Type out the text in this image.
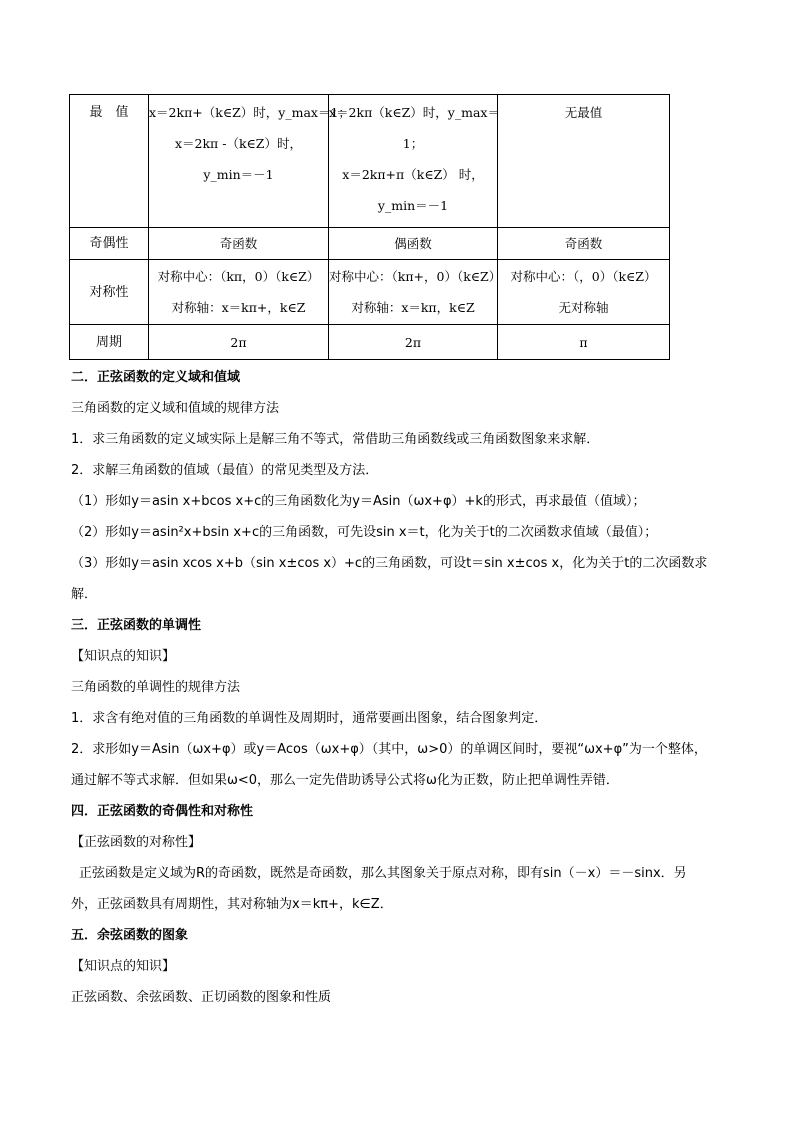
最　值	x＝2kπ+（k∈Z）时，y_max＝1；
x＝2kπ -（k∈Z）时，
y_min＝－1	x＝2kπ（k∈Z）时，y_max＝
1；
x＝2kπ+π（k∈Z） 时，
y_min＝－1	无最值

奇偶性	奇函数	偶函数	奇函数

对称性	对称中心：（kπ，0）（k∈Z）
对称轴：x＝kπ+，k∈Z	对称中心：（kπ+，0）（k∈Z）
对称轴：x＝kπ，k∈Z	对称中心：（，0）（k∈Z）
无对称轴

周期	2π	2π	π

二．正弦函数的定义域和值域

三角函数的定义域和值域的规律方法

1．求三角函数的定义域实际上是解三角不等式，常借助三角函数线或三角函数图象来求解．

2．求解三角函数的值域（最值）的常见类型及方法．

（1）形如y＝asin x+bcos x+c的三角函数化为y＝Asin（ωx+φ）+k的形式，再求最值（值域）；

（2）形如y＝asin²x+bsin x+c的三角函数，可先设sin x＝t，化为关于t的二次函数求值域（最值）；

（3）形如y＝asin xcos x+b（sin x±cos x）+c的三角函数，可设t＝sin x±cos x，化为关于t的二次函数求

解．

三．正弦函数的单调性

【知识点的知识】

三角函数的单调性的规律方法

1．求含有绝对值的三角函数的单调性及周期时，通常要画出图象，结合图象判定．

2．求形如y＝Asin（ωx+φ）或y＝Acos（ωx+φ）（其中，ω>0）的单调区间时，要视“ωx+φ”为一个整体，

通过解不等式求解．但如果ω<0，那么一定先借助诱导公式将ω化为正数，防止把单调性弄错．

四．正弦函数的奇偶性和对称性

【正弦函数的对称性】

正弦函数是定义域为R的奇函数，既然是奇函数，那么其图象关于原点对称，即有sin（－x）＝－sinx．另

外，正弦函数具有周期性，其对称轴为x＝kπ+，k∈Z．

五．余弦函数的图象

【知识点的知识】

正弦函数、余弦函数、正切函数的图象和性质
